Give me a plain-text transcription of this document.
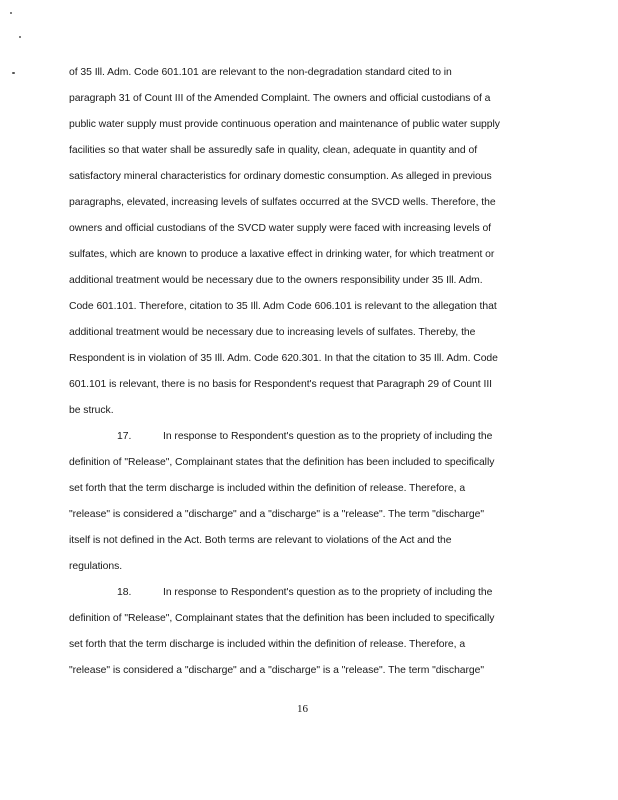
of 35 Ill. Adm. Code 601.101 are relevant to the non-degradation standard cited to in
paragraph 31 of Count III of the Amended Complaint. The owners and official custodians of a
public water supply must provide continuous operation and maintenance of public water supply
facilities so that water shall be assuredly safe in quality, clean, adequate in quantity and of
satisfactory mineral characteristics for ordinary domestic consumption. As alleged in previous
paragraphs, elevated, increasing levels of sulfates occurred at the SVCD wells. Therefore, the
owners and official custodians of the SVCD water supply were faced with increasing levels of
sulfates, which are known to produce a laxative effect in drinking water, for which treatment or
additional treatment would be necessary due to the owners responsibility under 35 Ill. Adm.
Code 601.101. Therefore, citation to 35 Ill. Adm Code 606.101 is relevant to the allegation that
additional treatment would be necessary due to increasing levels of sulfates. Thereby, the
Respondent is in violation of 35 Ill. Adm. Code 620.301. In that the citation to 35 Ill. Adm. Code
601.101 is relevant, there is no basis for Respondent's request that Paragraph 29 of Count III
be struck.
17.	In response to Respondent's question as to the propriety of including the
definition of "Release", Complainant states that the definition has been included to specifically
set forth that the term discharge is included within the definition of release. Therefore, a
"release" is considered a "discharge" and a "discharge" is a "release". The term "discharge"
itself is not defined in the Act. Both terms are relevant to violations of the Act and the
regulations.
18.	In response to Respondent's question as to the propriety of including the
definition of "Release", Complainant states that the definition has been included to specifically
set forth that the term discharge is included within the definition of release. Therefore, a
"release" is considered a "discharge" and a "discharge" is a "release". The term "discharge"
16
